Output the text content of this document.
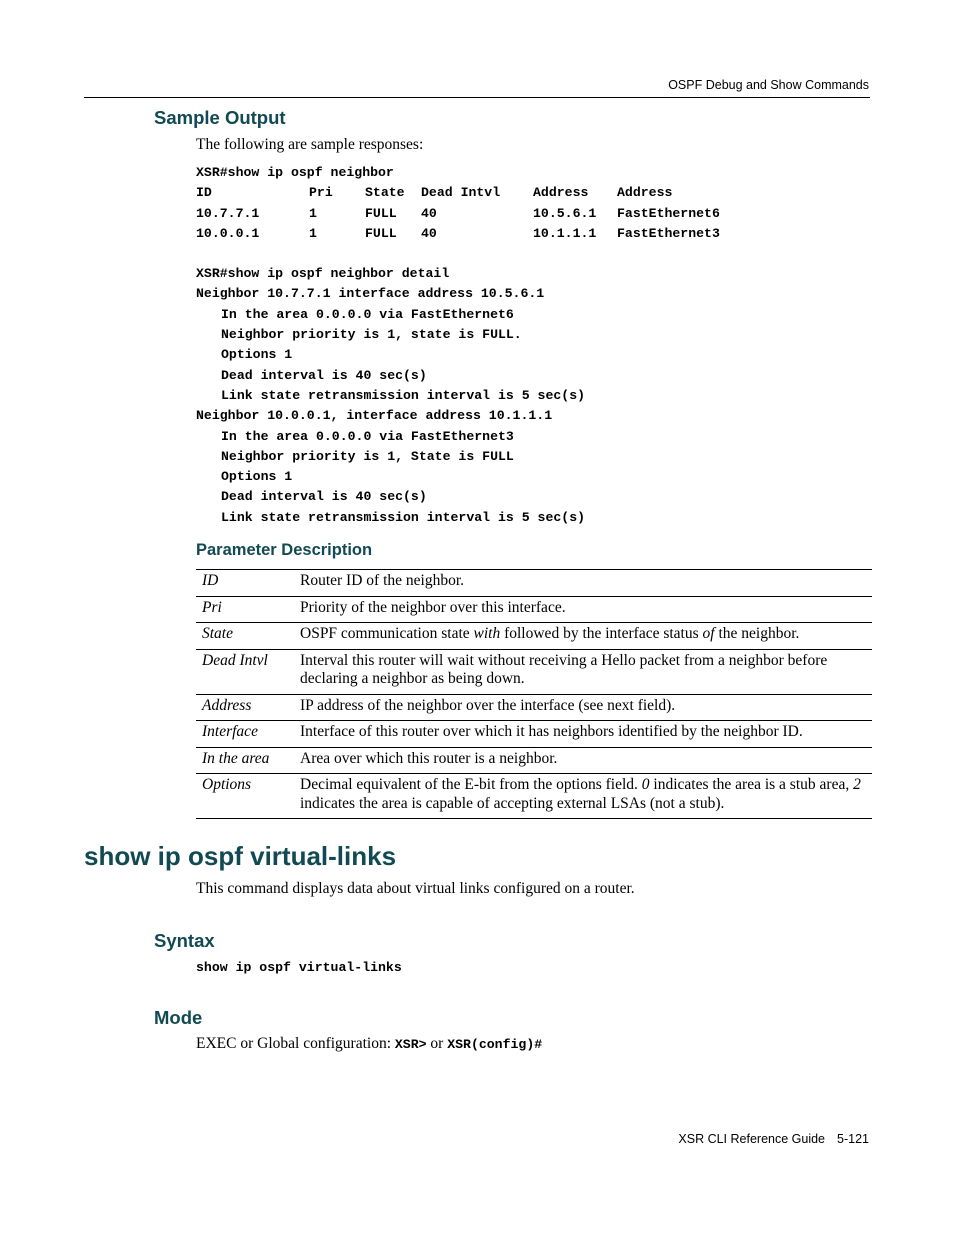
OSPF Debug and Show Commands
Sample Output
The following are sample responses:
XSR#show ip ospf neighbor
ID	Pri State Dead Intvl Address Address
10.7.7.1	1	FULL 40	10.5.6.1 FastEthernet6
10.0.0.1	1	FULL 40	10.1.1.1 FastEthernet3
XSR#show ip ospf neighbor detail
Neighbor 10.7.7.1 interface address 10.5.6.1
In the area 0.0.0.0 via FastEthernet6
Neighbor priority is 1, state is FULL.
Options 1
Dead interval is 40 sec(s)
Link state retransmission interval is 5 sec(s)
Neighbor 10.0.0.1, interface address 10.1.1.1
In the area 0.0.0.0 via FastEthernet3
Neighbor priority is 1, State is FULL
Options 1
Dead interval is 40 sec(s)
Link state retransmission interval is 5 sec(s)
Parameter Description
ID	Router ID of the neighbor.
Pri	Priority of the neighbor over this interface.
State	OSPF communication state with followed by the interface status of the neighbor.
Dead Intvl	Interval this router will wait without receiving a Hello packet from a neighbor before declaring a neighbor as being down.
Address	IP address of the neighbor over the interface (see next field).
Interface	Interface of this router over which it has neighbors identified by the neighbor ID.
In the area	Area over which this router is a neighbor.
Options	Decimal equivalent of the E-bit from the options field. 0 indicates the area is a stub area, 2 indicates the area is capable of accepting external LSAs (not a stub).
show ip ospf virtual-links
This command displays data about virtual links configured on a router.
Syntax
show ip ospf virtual-links
Mode
EXEC or Global configuration: XSR> or XSR(config)#
XSR CLI Reference Guide 5-121
